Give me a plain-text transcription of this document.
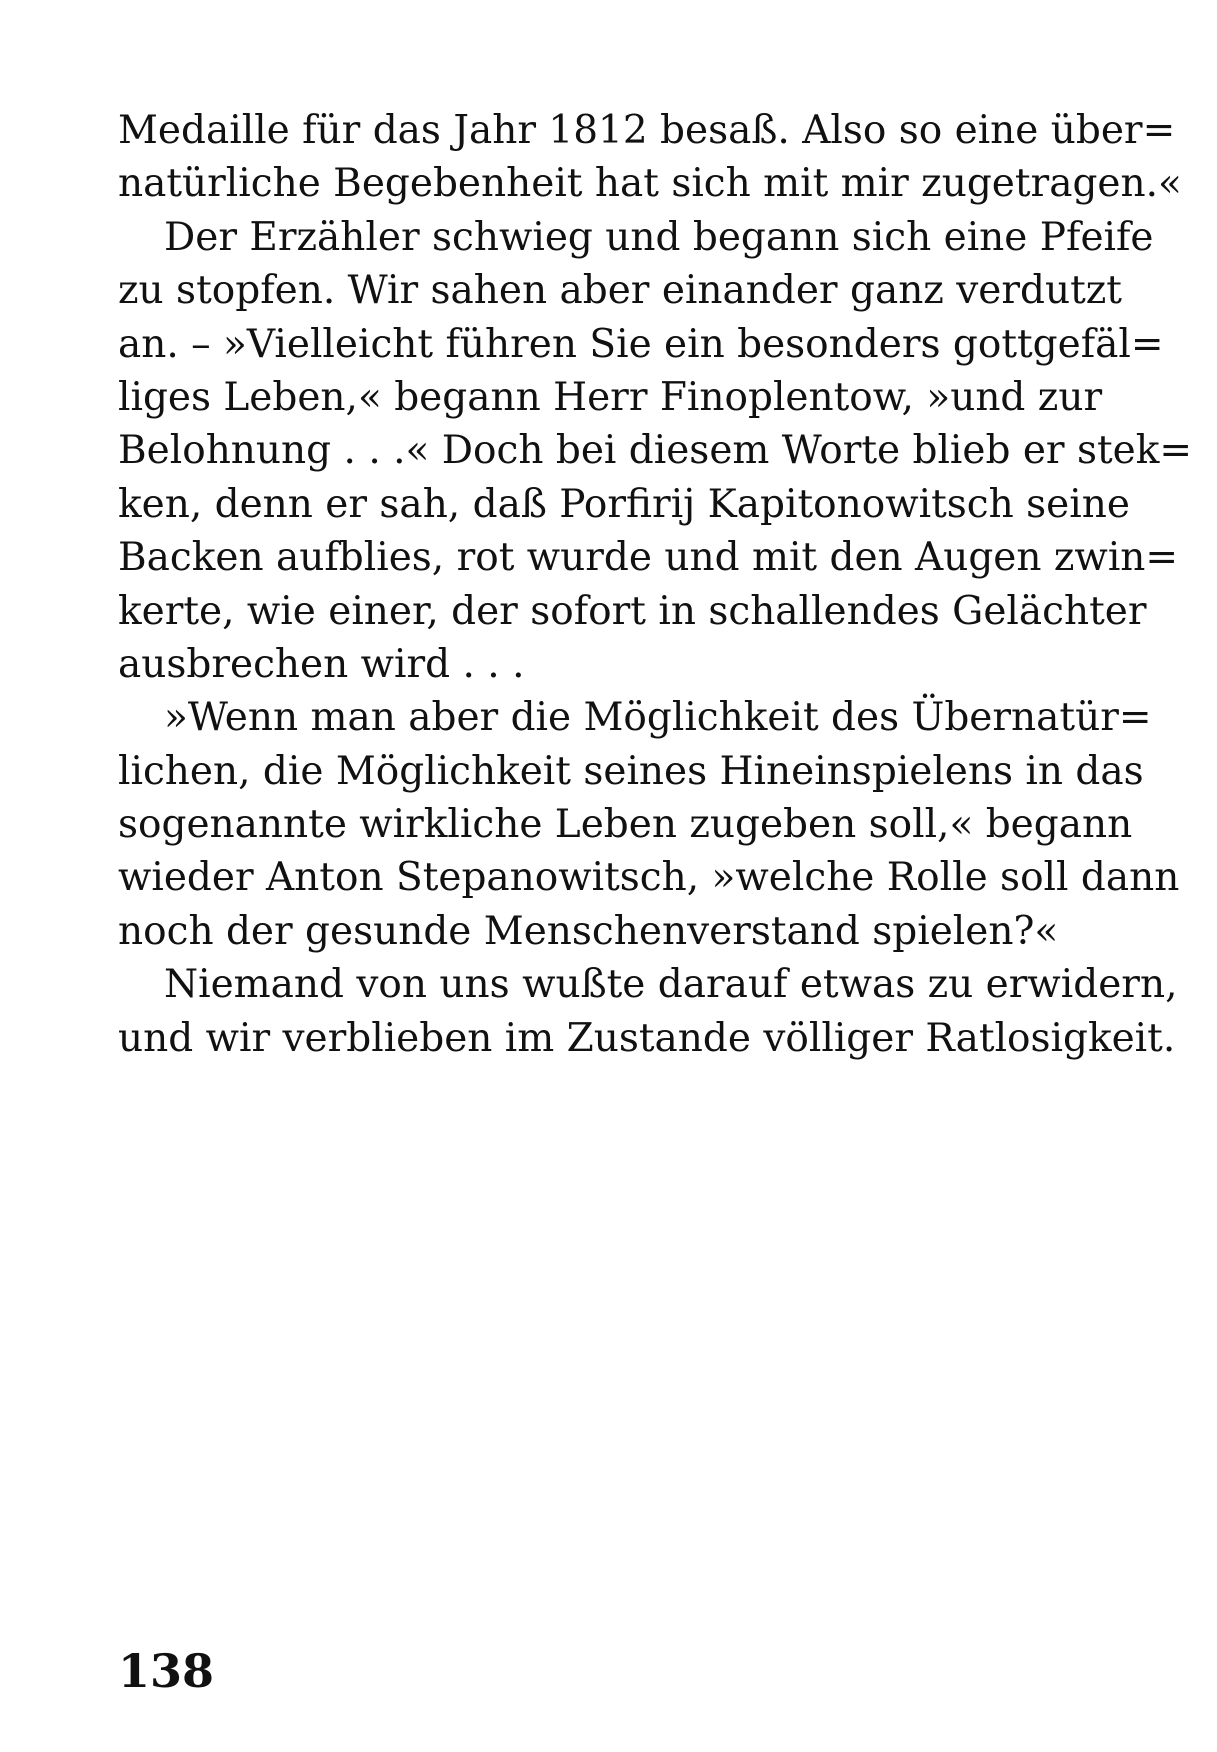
Medaille für das Jahr 1812 besaß. Also so eine über=
natürliche Begebenheit hat sich mit mir zugetragen.«
Der Erzähler schwieg und begann sich eine Pfeife
zu stopfen. Wir sahen aber einander ganz verdutzt
an. – »Vielleicht führen Sie ein besonders gottgefäl=
liges Leben,« begann Herr Finoplentow, »und zur
Belohnung . . .« Doch bei diesem Worte blieb er stek=
ken, denn er sah, daß Porfirij Kapitonowitsch seine
Backen aufblies, rot wurde und mit den Augen zwin=
kerte, wie einer, der sofort in schallendes Gelächter
ausbrechen wird . . .
»Wenn man aber die Möglichkeit des Übernatür=
lichen, die Möglichkeit seines Hineinspielens in das
sogenannte wirkliche Leben zugeben soll,« begann
wieder Anton Stepanowitsch, »welche Rolle soll dann
noch der gesunde Menschenverstand spielen?«
Niemand von uns wußte darauf etwas zu erwidern,
und wir verblieben im Zustande völliger Ratlosigkeit.
138
